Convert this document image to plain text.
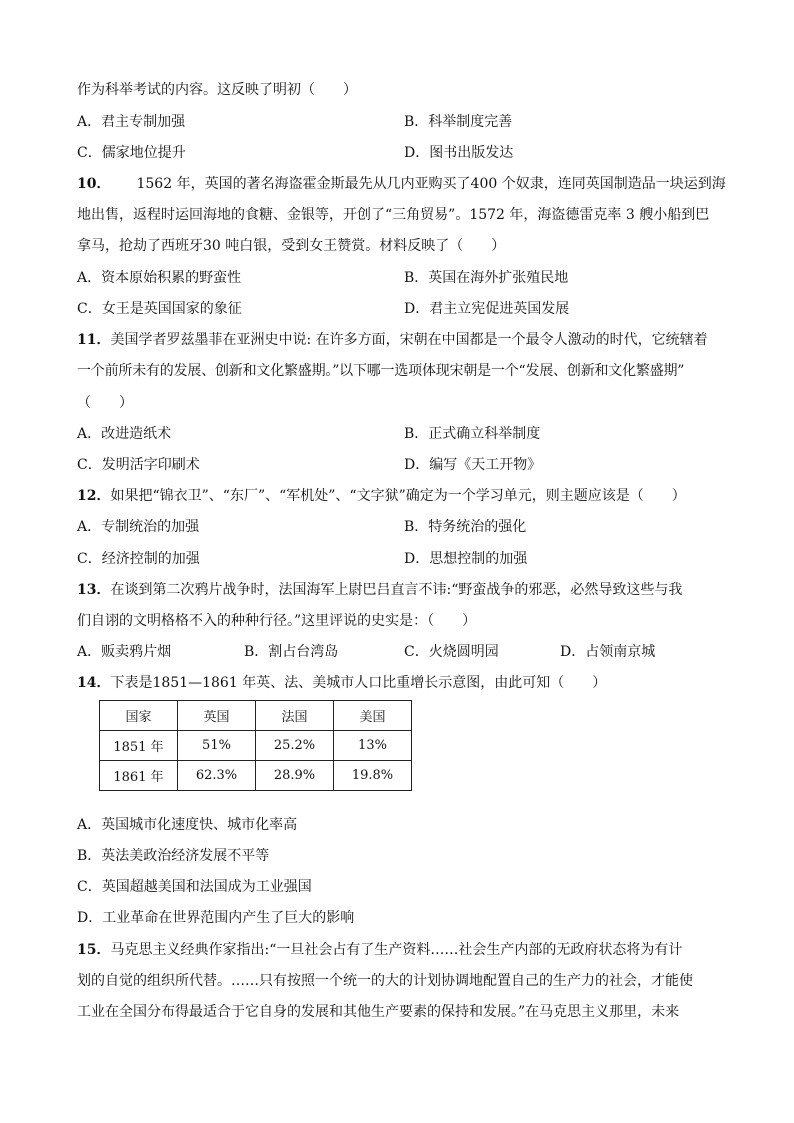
作为科举考试的内容。这反映了明初（　　）
A．君主专制加强	B．科举制度完善
C．儒家地位提升	D．图书出版发达
10． 1562 年，英国的著名海盗霍金斯最先从几内亚购买了400 个奴隶，连同英国制造品一块运到海
地出售，返程时运回海地的食糖、金银等，开创了“三角贸易”。1572 年，海盗德雷克率 3 艘小船到巴
拿马，抢劫了西班牙30 吨白银，受到女王赞赏。材料反映了（　　）
A．资本原始积累的野蛮性	B．英国在海外扩张殖民地
C．女王是英国国家的象征	D．君主立宪促进英国发展
11．美国学者罗兹墨菲在亚洲史中说: 在许多方面，宋朝在中国都是一个最令人激动的时代，它统辖着
一个前所未有的发展、创新和文化繁盛期。”以下哪一选项体现宋朝是一个“发展、创新和文化繁盛期”
（　　）
A．改进造纸术	B．正式确立科举制度
C．发明活字印刷术	D．编写《天工开物》
12．如果把“锦衣卫”、“东厂”、“军机处”、“文字狱”确定为一个学习单元，则主题应该是（　　）
A．专制统治的加强	B．特务统治的强化
C．经济控制的加强	D．思想控制的加强
13．在谈到第二次鸦片战争时，法国海军上尉巴吕直言不讳:“野蛮战争的邪恶，必然导致这些与我
们自诩的文明格格不入的种种行径。”这里评说的史实是：（　　）
A．贩卖鸦片烟	B．割占台湾岛	C．火烧圆明园	D．占领南京城
14．下表是1851—1861 年英、法、美城市人口比重增长示意图，由此可知（　　）
国家	英国	法国	美国
1851 年	51%	25.2%	13%
1861 年	62.3%	28.9%	19.8%
A．英国城市化速度快、城市化率高
B．英法美政治经济发展不平等
C．英国超越美国和法国成为工业强国
D．工业革命在世界范围内产生了巨大的影响
15．马克思主义经典作家指出:“一旦社会占有了生产资料……社会生产内部的无政府状态将为有计
划的自觉的组织所代替。……只有按照一个统一的大的计划协调地配置自己的生产力的社会，才能使
工业在全国分布得最适合于它自身的发展和其他生产要素的保持和发展。”在马克思主义那里，未来
